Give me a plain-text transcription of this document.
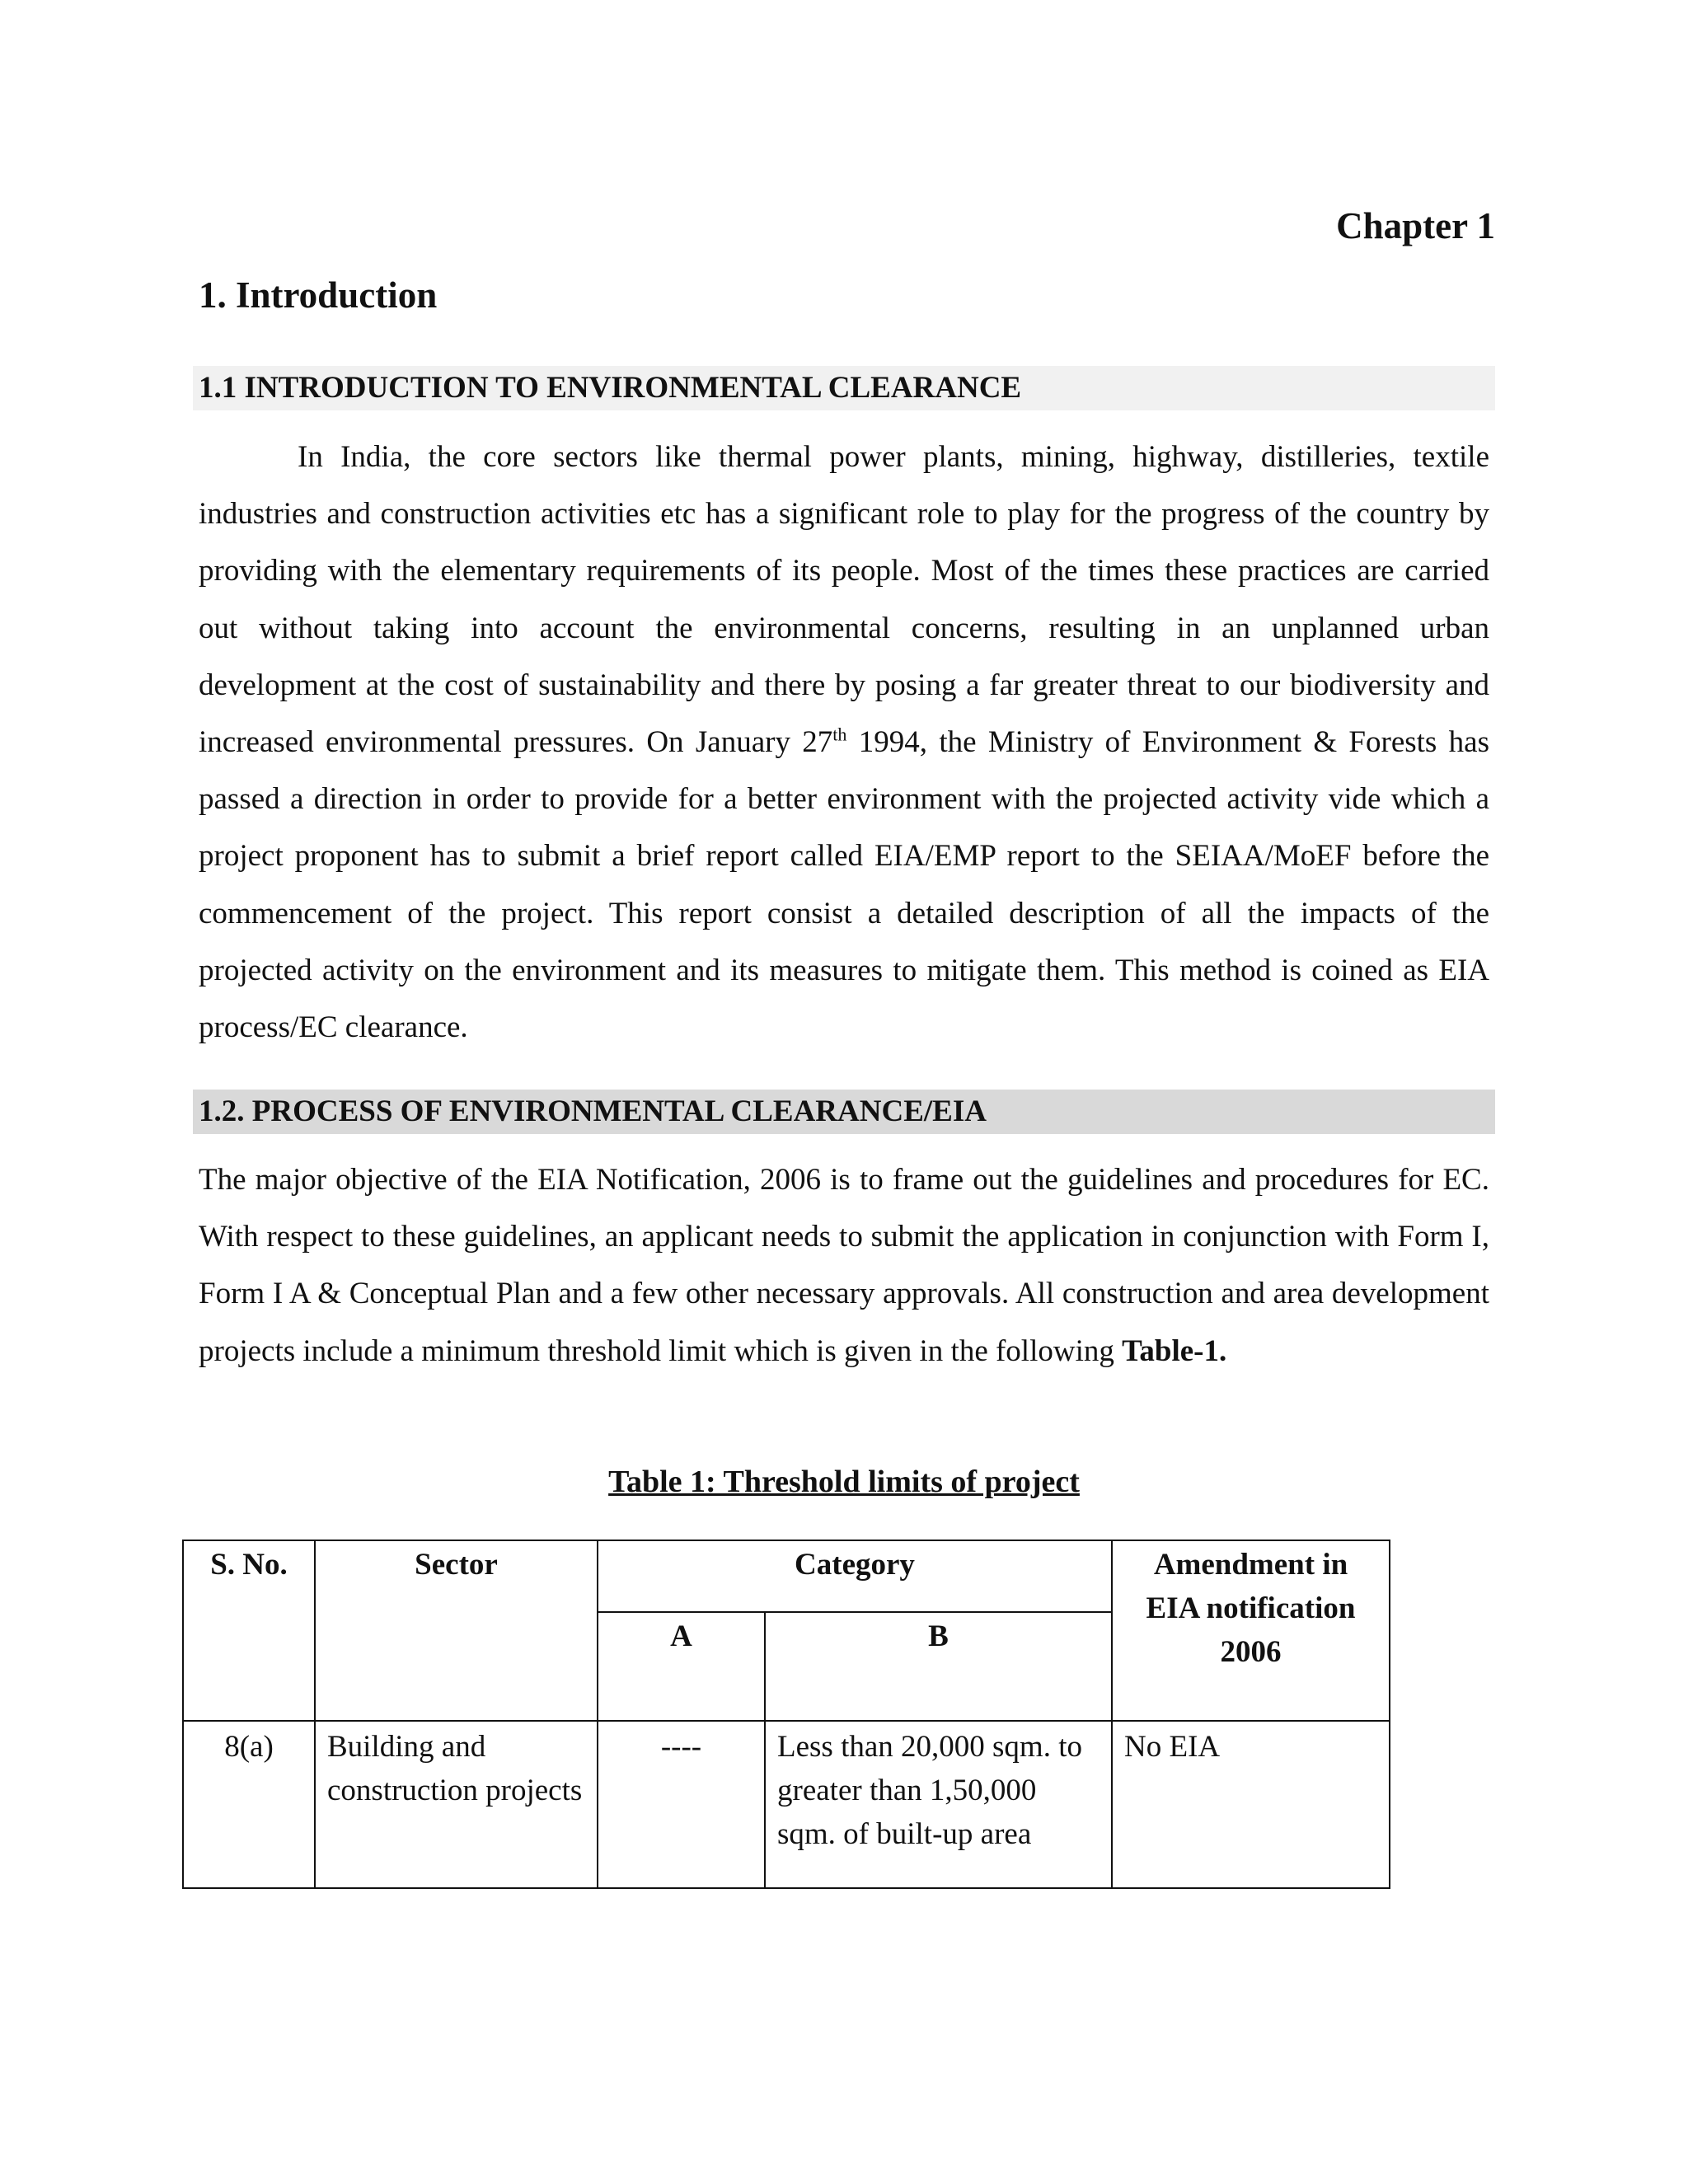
Chapter 1
1. Introduction
1.1 INTRODUCTION TO ENVIRONMENTAL CLEARANCE

In India, the core sectors like thermal power plants, mining, highway, distilleries, textile industries and construction activities etc has a significant role to play for the progress of the country by providing with the elementary requirements of its people. Most of the times these practices are carried out without taking into account the environmental concerns, resulting in an unplanned urban development at the cost of sustainability and there by posing a far greater threat to our biodiversity and increased environmental pressures. On January 27th 1994, the Ministry of Environment & Forests has passed a direction in order to provide for a better environment with the projected activity vide which a project proponent has to submit a brief report called EIA/EMP report to the SEIAA/MoEF before the commencement of the project. This report consist a detailed description of all the impacts of the projected activity on the environment and its measures to mitigate them. This method is coined as EIA process/EC clearance.

1.2. PROCESS OF ENVIRONMENTAL CLEARANCE/EIA

The major objective of the EIA Notification, 2006 is to frame out the guidelines and procedures for EC. With respect to these guidelines, an applicant needs to submit the application in conjunction with Form I, Form I A & Conceptual Plan and a few other necessary approvals. All construction and area development projects include a minimum threshold limit which is given in the following Table-1.

Table 1: Threshold limits of project

S. No.	Sector	Category		Amendment in EIA notification 2006
		A	B	
8(a)	Building and construction projects	----	Less than 20,000 sqm. to greater than 1,50,000 sqm. of built-up area	No EIA
